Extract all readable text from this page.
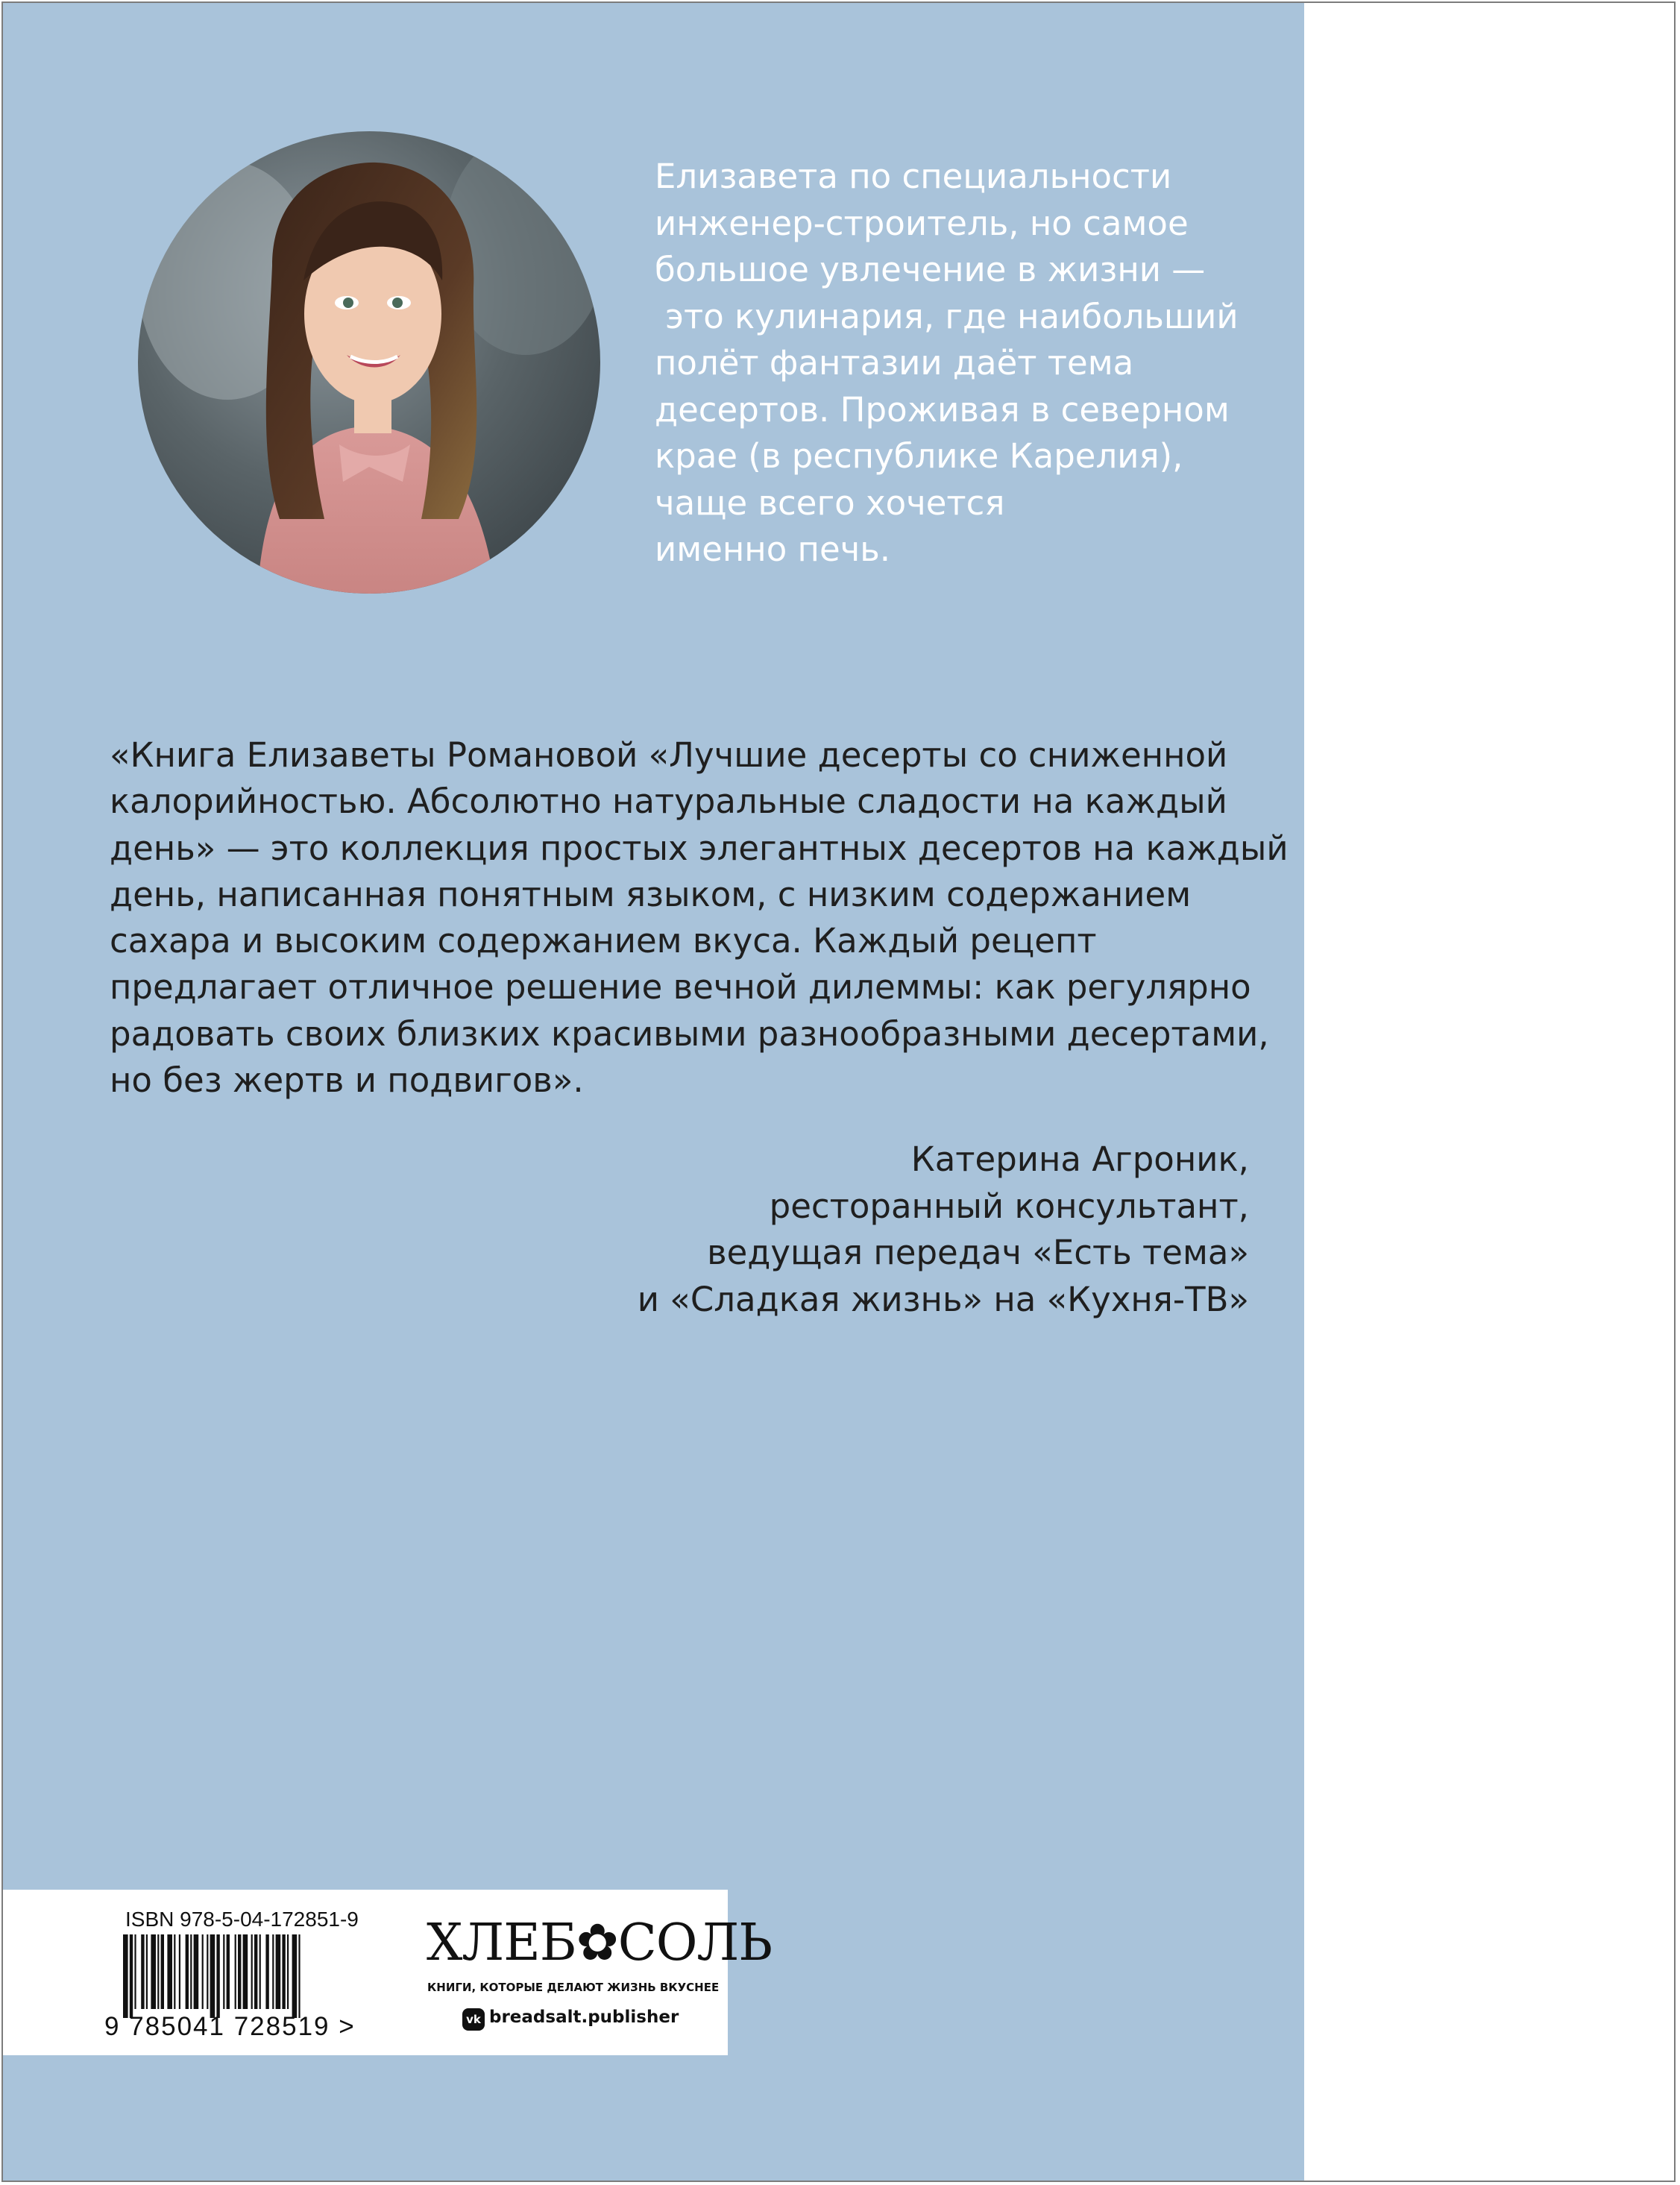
Елизавета по специальности
инженер-строитель, но самое
большое увлечение в жизни —
это кулинария, где наибольший
полёт фантазии даёт тема
десертов. Проживая в северном
крае (в республике Карелия),
чаще всего хочется
именно печь.
«Книга Елизаветы Романовой «Лучшие десерты со сниженной
калорийностью. Абсолютно натуральные сладости на каждый
день» — это коллекция простых элегантных десертов на каждый
день, написанная понятным языком, с низким содержанием
сахара и высоким содержанием вкуса. Каждый рецепт
предлагает отличное решение вечной дилеммы: как регулярно
радовать своих близких красивыми разнообразными десертами,
но без жертв и подвигов».
Катерина Агроник,
ресторанный консультант,
ведущая передач «Есть тема»
и «Сладкая жизнь» на «Кухня-ТВ»
ISBN 978-5-04-172851-9
9 785041 728519 >
ХЛЕБ✿СОЛЬ
КНИГИ, КОТОРЫЕ ДЕЛАЮТ ЖИЗНЬ ВКУСНЕЕ
vk breadsalt.publisher
